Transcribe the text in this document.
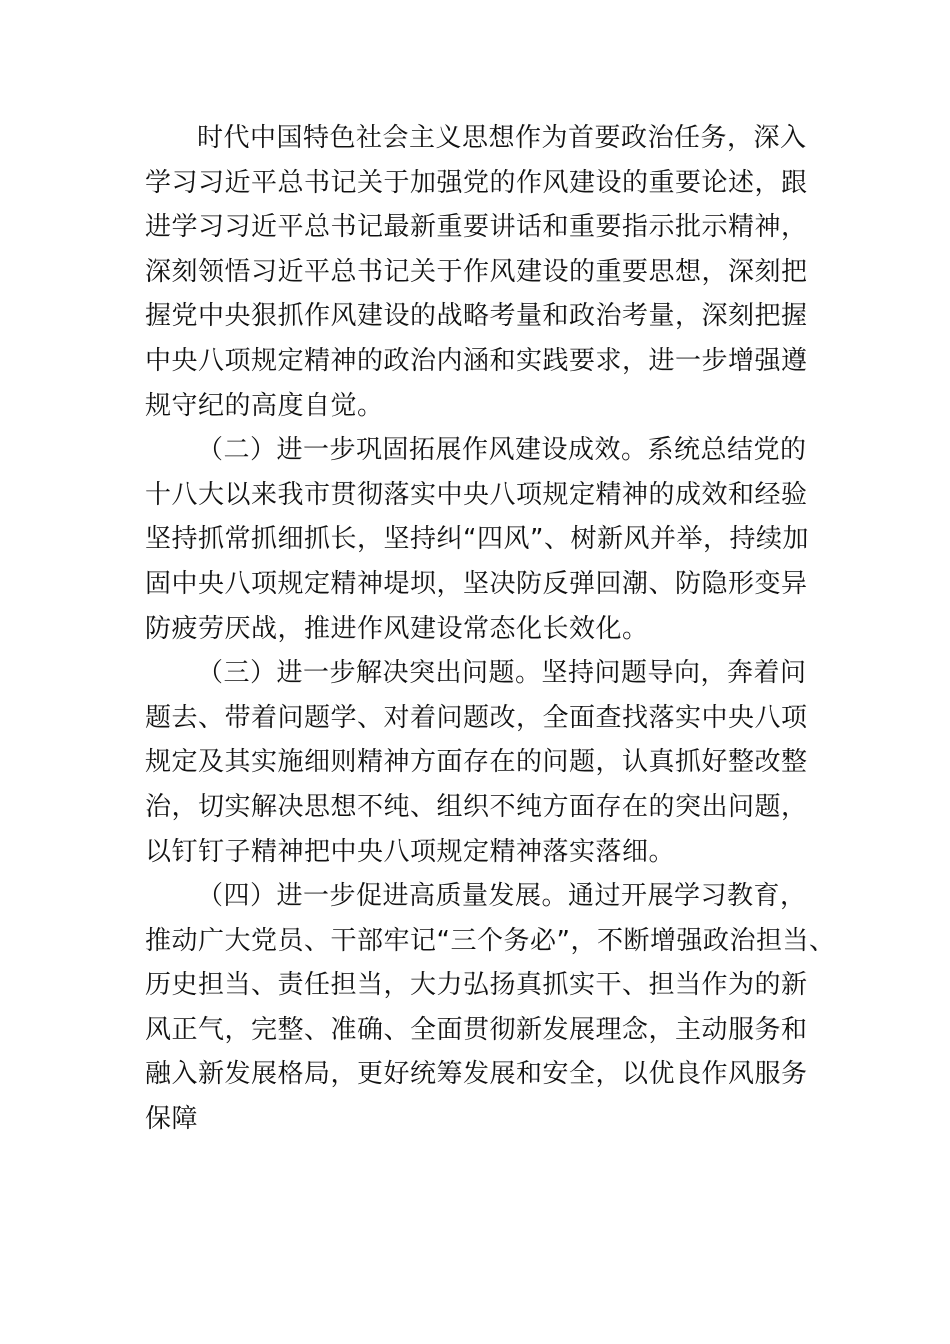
时代中国特色社会主义思想作为首要政治任务，深入
学习习近平总书记关于加强党的作风建设的重要论述，跟
进学习习近平总书记最新重要讲话和重要指示批示精神，
深刻领悟习近平总书记关于作风建设的重要思想，深刻把
握党中央狠抓作风建设的战略考量和政治考量，深刻把握
中央八项规定精神的政治内涵和实践要求，进一步增强遵
规守纪的高度自觉。
（二）进一步巩固拓展作风建设成效。系统总结党的
十八大以来我市贯彻落实中央八项规定精神的成效和经验
坚持抓常抓细抓长，坚持纠“四风”、树新风并举，持续加
固中央八项规定精神堤坝，坚决防反弹回潮、防隐形变异
防疲劳厌战，推进作风建设常态化长效化。
（三）进一步解决突出问题。坚持问题导向，奔着问
题去、带着问题学、对着问题改，全面查找落实中央八项
规定及其实施细则精神方面存在的问题，认真抓好整改整
治，切实解决思想不纯、组织不纯方面存在的突出问题，
以钉钉子精神把中央八项规定精神落实落细。
（四）进一步促进高质量发展。通过开展学习教育，
推动广大党员、干部牢记“三个务必”，不断增强政治担当、
历史担当、责任担当，大力弘扬真抓实干、担当作为的新
风正气，完整、准确、全面贯彻新发展理念，主动服务和
融入新发展格局，更好统筹发展和安全，以优良作风服务
保障
